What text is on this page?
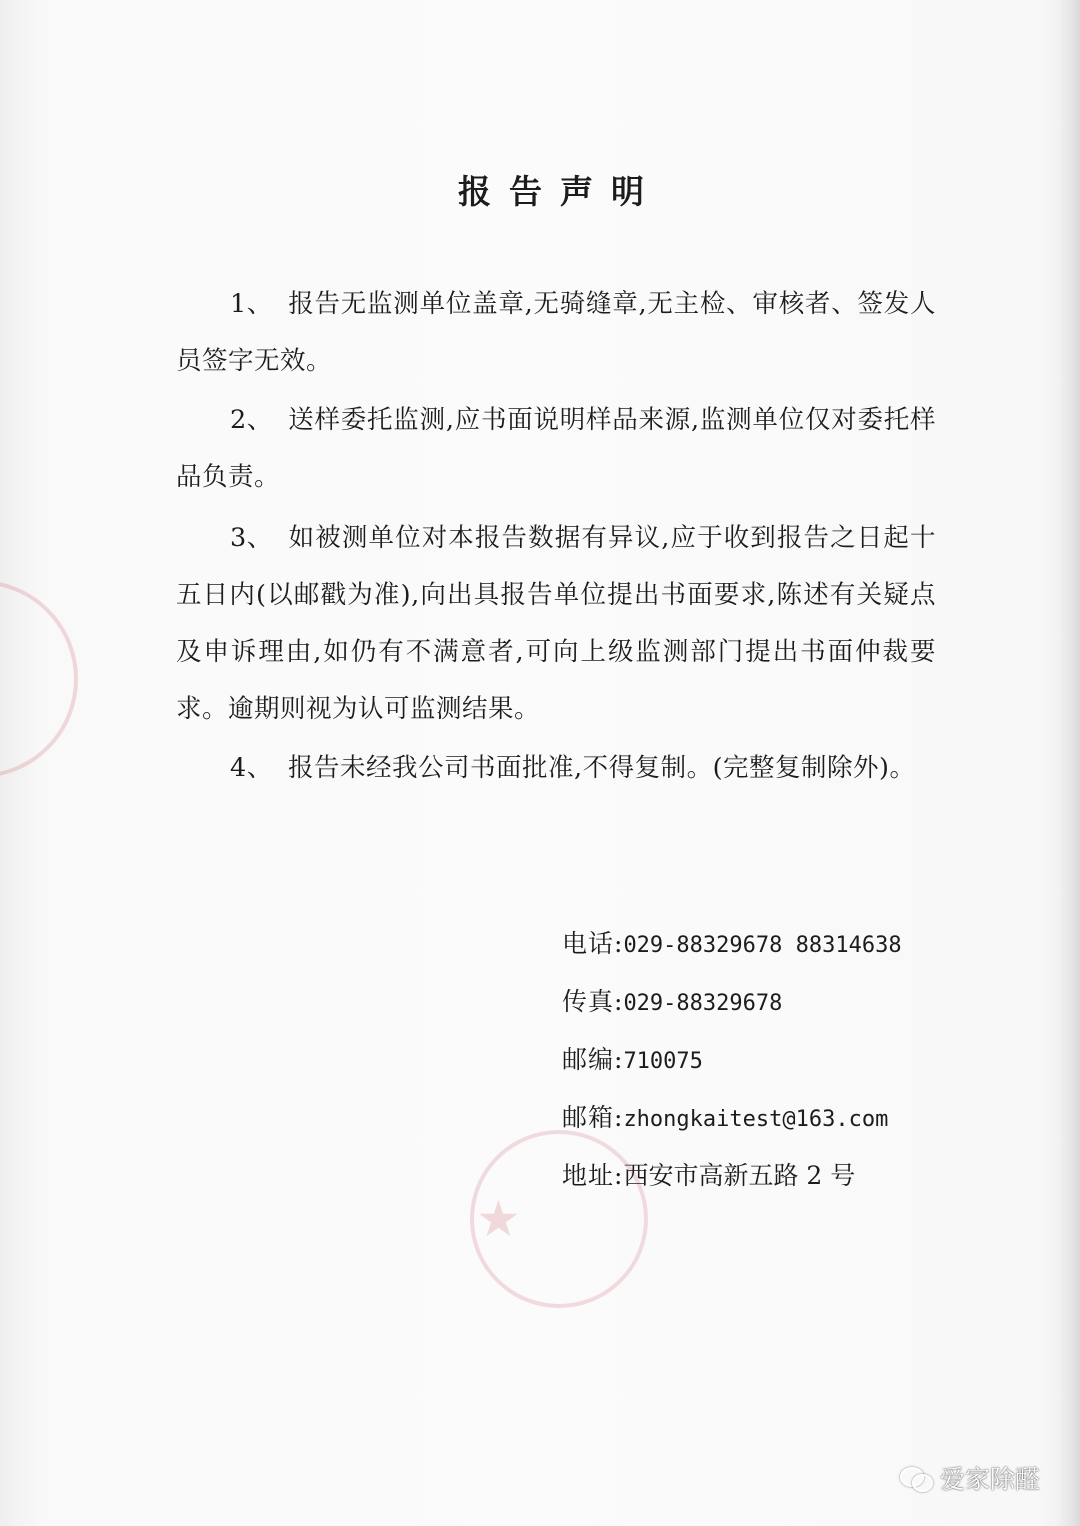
★
报告声明
1、 报告无监测单位盖章,无骑缝章,无主检、审核者、签发人员签字无效。
2、 送样委托监测,应书面说明样品来源,监测单位仅对委托样品负责。
3、 如被测单位对本报告数据有异议,应于收到报告之日起十五日内(以邮戳为准),向出具报告单位提出书面要求,陈述有关疑点及申诉理由,如仍有不满意者,可向上级监测部门提出书面仲裁要求。逾期则视为认可监测结果。
4、 报告未经我公司书面批准,不得复制。(完整复制除外)。
电话:029-88329678 88314638
传真:029-88329678
邮编:710075
邮箱:zhongkaitest@163.com
地址:西安市高新五路 2 号
爱家除醛
